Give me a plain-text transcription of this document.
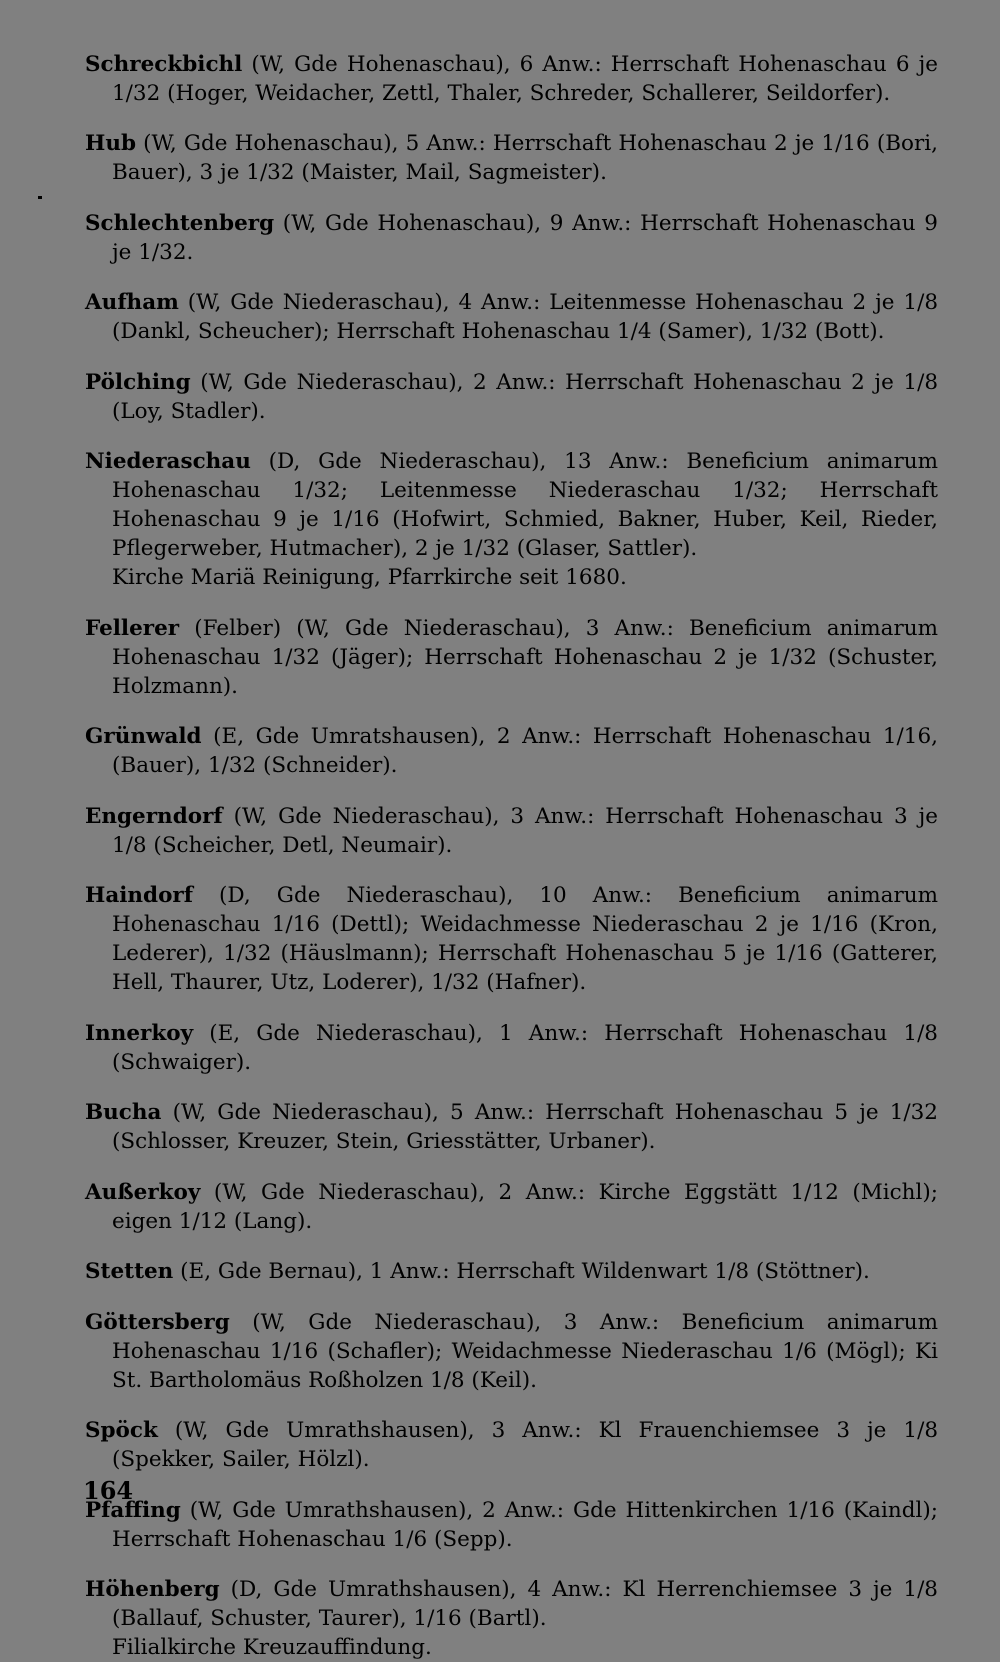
Schreckbichl (W, Gde Hohenaschau), 6 Anw.: Herrschaft Hohenaschau 6 je 1/32 (Hoger, Weidacher, Zettl, Thaler, Schreder, Schallerer, Seildorfer).

Hub (W, Gde Hohenaschau), 5 Anw.: Herrschaft Hohenaschau 2 je 1/16 (Bori, Bauer), 3 je 1/32 (Maister, Mail, Sagmeister).

Schlechtenberg (W, Gde Hohenaschau), 9 Anw.: Herrschaft Hohenaschau 9 je 1/32.

Aufham (W, Gde Niederaschau), 4 Anw.: Leitenmesse Hohenaschau 2 je 1/8 (Dankl, Scheucher); Herrschaft Hohenaschau 1/4 (Samer), 1/32 (Bott).

Pölching (W, Gde Niederaschau), 2 Anw.: Herrschaft Hohenaschau 2 je 1/8 (Loy, Stadler).

Niederaschau (D, Gde Niederaschau), 13 Anw.: Beneficium animarum Hohenaschau 1/32; Leitenmesse Niederaschau 1/32; Herrschaft Hohenaschau 9 je 1/16 (Hofwirt, Schmied, Bakner, Huber, Keil, Rieder, Pflegerweber, Hutmacher), 2 je 1/32 (Glaser, Sattler).
Kirche Mariä Reinigung, Pfarrkirche seit 1680.

Fellerer (Felber) (W, Gde Niederaschau), 3 Anw.: Beneficium animarum Hohenaschau 1/32 (Jäger); Herrschaft Hohenaschau 2 je 1/32 (Schuster, Holzmann).

Grünwald (E, Gde Umratshausen), 2 Anw.: Herrschaft Hohenaschau 1/16, (Bauer), 1/32 (Schneider).

Engerndorf (W, Gde Niederaschau), 3 Anw.: Herrschaft Hohenaschau 3 je 1/8 (Scheicher, Detl, Neumair).

Haindorf (D, Gde Niederaschau), 10 Anw.: Beneficium animarum Hohenaschau 1/16 (Dettl); Weidachmesse Niederaschau 2 je 1/16 (Kron, Lederer), 1/32 (Häuslmann); Herrschaft Hohenaschau 5 je 1/16 (Gatterer, Hell, Thaurer, Utz, Loderer), 1/32 (Hafner).

Innerkoy (E, Gde Niederaschau), 1 Anw.: Herrschaft Hohenaschau 1/8 (Schwaiger).

Bucha (W, Gde Niederaschau), 5 Anw.: Herrschaft Hohenaschau 5 je 1/32 (Schlosser, Kreuzer, Stein, Griesstätter, Urbaner).

Außerkoy (W, Gde Niederaschau), 2 Anw.: Kirche Eggstätt 1/12 (Michl); eigen 1/12 (Lang).

Stetten (E, Gde Bernau), 1 Anw.: Herrschaft Wildenwart 1/8 (Stöttner).

Göttersberg (W, Gde Niederaschau), 3 Anw.: Beneficium animarum Hohenaschau 1/16 (Schafler); Weidachmesse Niederaschau 1/6 (Mögl); Ki St. Bartholomäus Roßholzen 1/8 (Keil).

Spöck (W, Gde Umrathshausen), 3 Anw.: Kl Frauenchiemsee 3 je 1/8 (Spekker, Sailer, Hölzl).

Pfaffing (W, Gde Umrathshausen), 2 Anw.: Gde Hittenkirchen 1/16 (Kaindl); Herrschaft Hohenaschau 1/6 (Sepp).

Höhenberg (D, Gde Umrathshausen), 4 Anw.: Kl Herrenchiemsee 3 je 1/8 (Ballauf, Schuster, Taurer), 1/16 (Bartl).
Filialkirche Kreuzauffindung.

164
